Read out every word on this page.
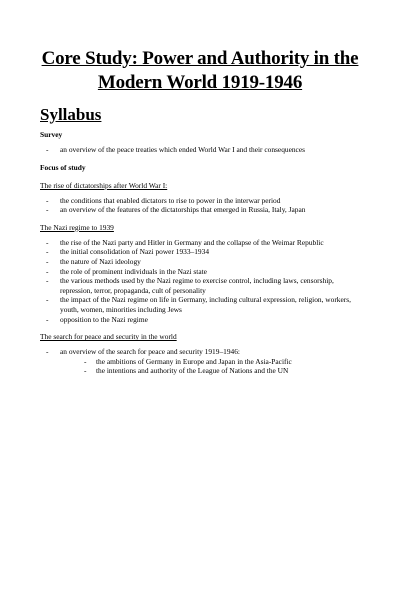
Core Study: Power and Authority in the Modern World 1919-1946
Syllabus
Survey
- an overview of the peace treaties which ended World War I and their consequences
Focus of study
The rise of dictatorships after World War I:
- the conditions that enabled dictators to rise to power in the interwar period
- an overview of the features of the dictatorships that emerged in Russia, Italy, Japan
The Nazi regime to 1939
- the rise of the Nazi party and Hitler in Germany and the collapse of the Weimar Republic
- the initial consolidation of Nazi power 1933–1934
- the nature of Nazi ideology
- the role of prominent individuals in the Nazi state
- the various methods used by the Nazi regime to exercise control, including laws, censorship, repression, terror, propaganda, cult of personality
- the impact of the Nazi regime on life in Germany, including cultural expression, religion, workers, youth, women, minorities including Jews
- opposition to the Nazi regime
The search for peace and security in the world
- an overview of the search for peace and security 1919–1946:
- the ambitions of Germany in Europe and Japan in the Asia-Pacific
- the intentions and authority of the League of Nations and the UN
